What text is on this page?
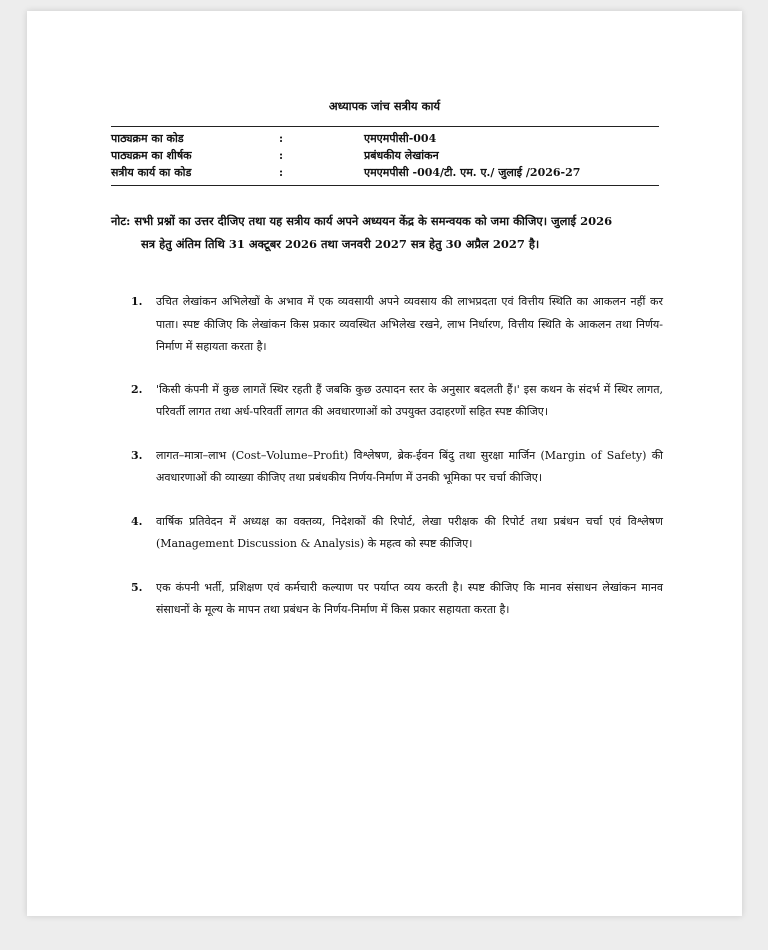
अध्यापक जांच सत्रीय कार्य
पाठ्यक्रम का कोड	:	एमएमपीसी-004
पाठ्यक्रम का शीर्षक	:	प्रबंधकीय लेखांकन
सत्रीय कार्य का कोड	:	एमएमपीसी -004/टी. एम. ए./ जुलाई /2026-27
नोट: सभी प्रश्नों का उत्तर दीजिए तथा यह सत्रीय कार्य अपने अध्ययन केंद्र के समन्वयक को जमा कीजिए। जुलाई 2026
सत्र हेतु अंतिम तिथि 31 अक्टूबर 2026 तथा जनवरी 2027 सत्र हेतु 30 अप्रैल 2027 है।
1. उचित लेखांकन अभिलेखों के अभाव में एक व्यवसायी अपने व्यवसाय की लाभप्रदता एवं वित्तीय स्थिति का आकलन नहीं कर पाता। स्पष्ट कीजिए कि लेखांकन किस प्रकार व्यवस्थित अभिलेख रखने, लाभ निर्धारण, वित्तीय स्थिति के आकलन तथा निर्णय-निर्माण में सहायता करता है।
2. 'किसी कंपनी में कुछ लागतें स्थिर रहती हैं जबकि कुछ उत्पादन स्तर के अनुसार बदलती हैं।' इस कथन के संदर्भ में स्थिर लागत, परिवर्ती लागत तथा अर्ध-परिवर्ती लागत की अवधारणाओं को उपयुक्त उदाहरणों सहित स्पष्ट कीजिए।
3. लागत–मात्रा–लाभ (Cost–Volume–Profit) विश्लेषण, ब्रेक-ईवन बिंदु तथा सुरक्षा मार्जिन (Margin of Safety) की अवधारणाओं की व्याख्या कीजिए तथा प्रबंधकीय निर्णय-निर्माण में उनकी भूमिका पर चर्चा कीजिए।
4. वार्षिक प्रतिवेदन में अध्यक्ष का वक्तव्य, निदेशकों की रिपोर्ट, लेखा परीक्षक की रिपोर्ट तथा प्रबंधन चर्चा एवं विश्लेषण (Management Discussion & Analysis) के महत्व को स्पष्ट कीजिए।
5. एक कंपनी भर्ती, प्रशिक्षण एवं कर्मचारी कल्याण पर पर्याप्त व्यय करती है। स्पष्ट कीजिए कि मानव संसाधन लेखांकन मानव संसाधनों के मूल्य के मापन तथा प्रबंधन के निर्णय-निर्माण में किस प्रकार सहायता करता है।
